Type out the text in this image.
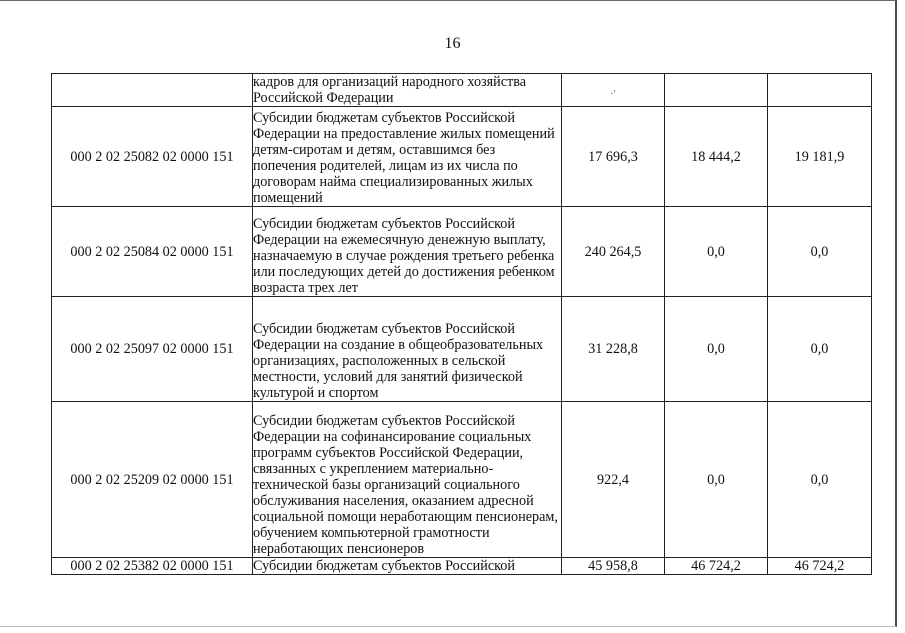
16
	кадров для организаций народного хозяйства Российской Федерации	·'		
000 2 02 25082 02 0000 151	Субсидии бюджетам субъектов Российской Федерации на предоставление жилых помещений детям-сиротам и детям, оставшимся без попечения родителей, лицам из их числа по договорам найма специализированных жилых помещений	17 696,3	18 444,2	19 181,9
000 2 02 25084 02 0000 151	Субсидии бюджетам субъектов Российской Федерации на ежемесячную денежную выплату, назначаемую в случае рождения третьего ребенка или последующих детей до достижения ребенком возраста трех лет	240 264,5	0,0	0,0
000 2 02 25097 02 0000 151	Субсидии бюджетам субъектов Российской Федерации на создание в общеобразовательных организациях, расположенных в сельской местности, условий для занятий физической культурой и спортом	31 228,8	0,0	0,0
000 2 02 25209 02 0000 151	Субсидии бюджетам субъектов Российской Федерации на софинансирование социальных программ субъектов Российской Федерации, связанных с укреплением материально-технической базы организаций социального обслуживания населения, оказанием адресной социальной помощи неработающим пенсионерам, обучением компьютерной грамотности неработающих пенсионеров	922,4	0,0	0,0
000 2 02 25382 02 0000 151	Субсидии бюджетам субъектов Российской	45 958,8	46 724,2	46 724,2
